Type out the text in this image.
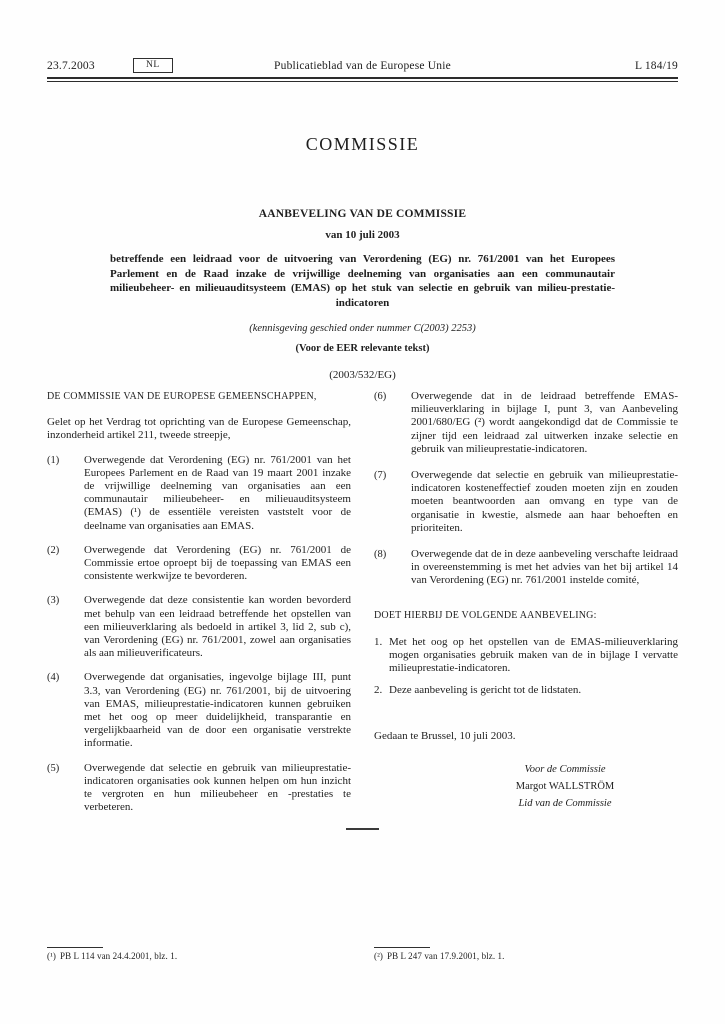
23.7.2003	NL	Publicatieblad van de Europese Unie	L 184/19
COMMISSIE
AANBEVELING VAN DE COMMISSIE
van 10 juli 2003
betreffende een leidraad voor de uitvoering van Verordening (EG) nr. 761/2001 van het Europees Parlement en de Raad inzake de vrijwillige deelneming van organisaties aan een communautair milieubeheer- en milieuauditsysteem (EMAS) op het stuk van selectie en gebruik van milieu-prestatie-indicatoren
(kennisgeving geschied onder nummer C(2003) 2253)
(Voor de EER relevante tekst)
(2003/532/EG)
DE COMMISSIE VAN DE EUROPESE GEMEENSCHAPPEN,
Gelet op het Verdrag tot oprichting van de Europese Gemeenschap, inzonderheid artikel 211, tweede streepje,
(1)	Overwegende dat Verordening (EG) nr. 761/2001 van het Europees Parlement en de Raad van 19 maart 2001 inzake de vrijwillige deelneming van organisaties aan een communautair milieubeheer- en milieuauditsysteem (EMAS) (¹) de essentiële vereisten vaststelt voor de deelname van organisaties aan EMAS.
(2)	Overwegende dat Verordening (EG) nr. 761/2001 de Commissie ertoe oproept bij de toepassing van EMAS een consistente werkwijze te bevorderen.
(3)	Overwegende dat deze consistentie kan worden bevorderd met behulp van een leidraad betreffende het opstellen van een milieuverklaring als bedoeld in artikel 3, lid 2, sub c), van Verordening (EG) nr. 761/2001, zowel aan organisaties als aan milieuverificateurs.
(4)	Overwegende dat organisaties, ingevolge bijlage III, punt 3.3, van Verordening (EG) nr. 761/2001, bij de uitvoering van EMAS, milieuprestatie-indicatoren kunnen gebruiken met het oog op meer duidelijkheid, transparantie en vergelijkbaarheid van de door een organisatie verstrekte informatie.
(5)	Overwegende dat selectie en gebruik van milieuprestatie-indicatoren organisaties ook kunnen helpen om hun inzicht te vergroten en hun milieubeheer en -prestaties te verbeteren.
(6)	Overwegende dat in de leidraad betreffende EMAS-milieuverklaring in bijlage I, punt 3, van Aanbeveling 2001/680/EG (²) wordt aangekondigd dat de Commissie te zijner tijd een leidraad zal uitwerken inzake selectie en gebruik van milieuprestatie-indicatoren.
(7)	Overwegende dat selectie en gebruik van milieuprestatie-indicatoren kosteneffectief zouden moeten zijn en zouden moeten beantwoorden aan omvang en type van de organisatie in kwestie, alsmede aan haar behoeften en prioriteiten.
(8)	Overwegende dat de in deze aanbeveling verschafte leidraad in overeenstemming is met het advies van het bij artikel 14 van Verordening (EG) nr. 761/2001 instelde comité,
DOET HIERBIJ DE VOLGENDE AANBEVELING:
1. Met het oog op het opstellen van de EMAS-milieuverklaring mogen organisaties gebruik maken van de in bijlage I vervatte milieuprestatie-indicatoren.
2. Deze aanbeveling is gericht tot de lidstaten.
Gedaan te Brussel, 10 juli 2003.
Voor de Commissie
Margot WALLSTRÖM
Lid van de Commissie
(¹) PB L 114 van 24.4.2001, blz. 1.	(²) PB L 247 van 17.9.2001, blz. 1.
